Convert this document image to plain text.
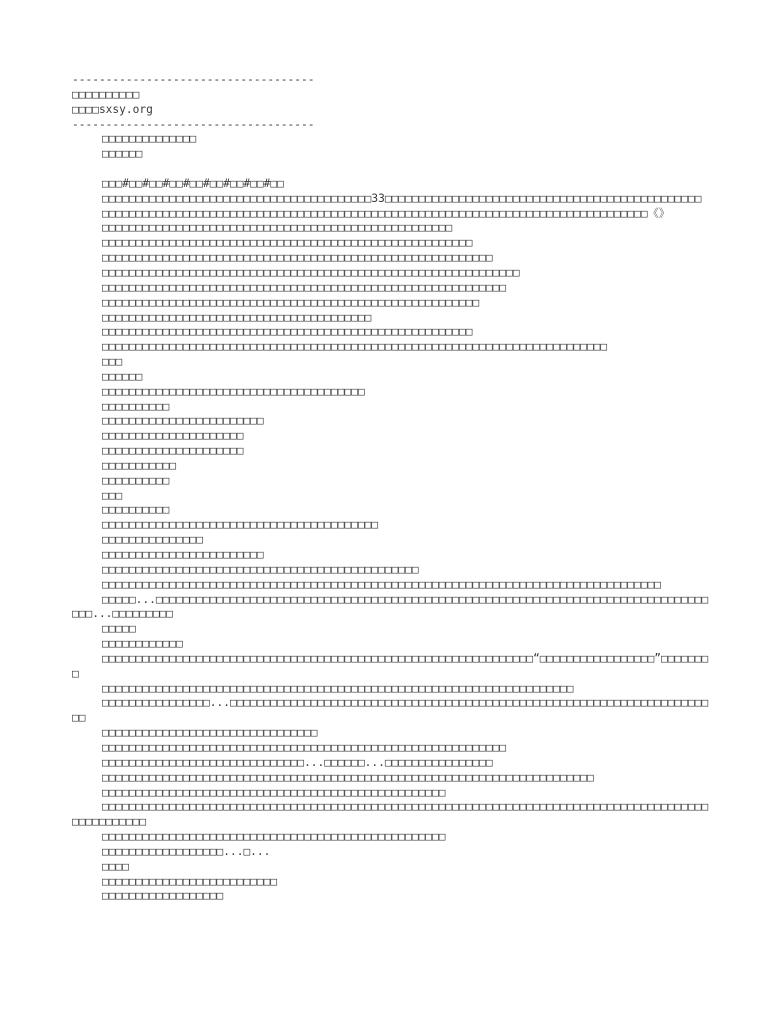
------------------------------------
□□□□□□□□□□
□□□□sxsy.org
------------------------------------
□□□□□□□□□□□□□□
□□□□□□
□□□#□□#□□#□□#□□#□□#□□#□□#□□
□□□□□□□□□□□□□□□□□□□□□□□□□□□□□□□□□□□□□□□□33□□□□□□□□□□□□□□□□□□□□□□□□□□□□□□□□□□□□□□□□□□□□□□□
□□□□□□□□□□□□□□□□□□□□□□□□□□□□□□□□□□□□□□□□□□□□□□□□□□□□□□□□□□□□□□□□□□□□□□□□□□□□□□□□□《》
□□□□□□□□□□□□□□□□□□□□□□□□□□□□□□□□□□□□□□□□□□□□□□□□□□□□
□□□□□□□□□□□□□□□□□□□□□□□□□□□□□□□□□□□□□□□□□□□□□□□□□□□□□□□
□□□□□□□□□□□□□□□□□□□□□□□□□□□□□□□□□□□□□□□□□□□□□□□□□□□□□□□□□□
□□□□□□□□□□□□□□□□□□□□□□□□□□□□□□□□□□□□□□□□□□□□□□□□□□□□□□□□□□□□□□
□□□□□□□□□□□□□□□□□□□□□□□□□□□□□□□□□□□□□□□□□□□□□□□□□□□□□□□□□□□□
□□□□□□□□□□□□□□□□□□□□□□□□□□□□□□□□□□□□□□□□□□□□□□□□□□□□□□□□
□□□□□□□□□□□□□□□□□□□□□□□□□□□□□□□□□□□□□□□□
□□□□□□□□□□□□□□□□□□□□□□□□□□□□□□□□□□□□□□□□□□□□□□□□□□□□□□□
□□□□□□□□□□□□□□□□□□□□□□□□□□□□□□□□□□□□□□□□□□□□□□□□□□□□□□□□□□□□□□□□□□□□□□□□□□□
□□□
□□□□□□
□□□□□□□□□□□□□□□□□□□□□□□□□□□□□□□□□□□□□□□
□□□□□□□□□□
□□□□□□□□□□□□□□□□□□□□□□□□
□□□□□□□□□□□□□□□□□□□□□
□□□□□□□□□□□□□□□□□□□□□
□□□□□□□□□□□
□□□□□□□□□□
□□□
□□□□□□□□□□
□□□□□□□□□□□□□□□□□□□□□□□□□□□□□□□□□□□□□□□□□
□□□□□□□□□□□□□□□
□□□□□□□□□□□□□□□□□□□□□□□□
□□□□□□□□□□□□□□□□□□□□□□□□□□□□□□□□□□□□□□□□□□□□□□□
□□□□□□□□□□□□□□□□□□□□□□□□□□□□□□□□□□□□□□□□□□□□□□□□□□□□□□□□□□□□□□□□□□□□□□□□□□□□□□□□□□□
□□□□□...□□□□□□□□□□□□□□□□□□□□□□□□□□□□□□□□□□□□□□□□□□□□□□□□□□□□□□□□□□□□□□□□□□□□□□□□□□□□□□□□□□□□□...□□□□□□□□□
□□□□□
□□□□□□□□□□□□
□□□□□□□□□□□□□□□□□□□□□□□□□□□□□□□□□□□□□□□□□□□□□□□□□□□□□□□□□□□□□□□□“□□□□□□□□□□□□□□□□□”□□□□□□□□
□□□□□□□□□□□□□□□□□□□□□□□□□□□□□□□□□□□□□□□□□□□□□□□□□□□□□□□□□□□□□□□□□□□□□□
□□□□□□□□□□□□□□□□...□□□□□□□□□□□□□□□□□□□□□□□□□□□□□□□□□□□□□□□□□□□□□□□□□□□□□□□□□□□□□□□□□□□□□□□□□
□□□□□□□□□□□□□□□□□□□□□□□□□□□□□□□□
□□□□□□□□□□□□□□□□□□□□□□□□□□□□□□□□□□□□□□□□□□□□□□□□□□□□□□□□□□□□
□□□□□□□□□□□□□□□□□□□□□□□□□□□□□□...□□□□□□...□□□□□□□□□□□□□□□□
□□□□□□□□□□□□□□□□□□□□□□□□□□□□□□□□□□□□□□□□□□□□□□□□□□□□□□□□□□□□□□□□□□□□□□□□□
□□□□□□□□□□□□□□□□□□□□□□□□□□□□□□□□□□□□□□□□□□□□□□□□□□□
□□□□□□□□□□□□□□□□□□□□□□□□□□□□□□□□□□□□□□□□□□□□□□□□□□□□□□□□□□□□□□□□□□□□□□□□□□□□□□□□□□□□□□□□□□□□□□□□□□□□□
□□□□□□□□□□□□□□□□□□□□□□□□□□□□□□□□□□□□□□□□□□□□□□□□□□□
□□□□□□□□□□□□□□□□□□...□...
□□□□
□□□□□□□□□□□□□□□□□□□□□□□□□□
□□□□□□□□□□□□□□□□□□
